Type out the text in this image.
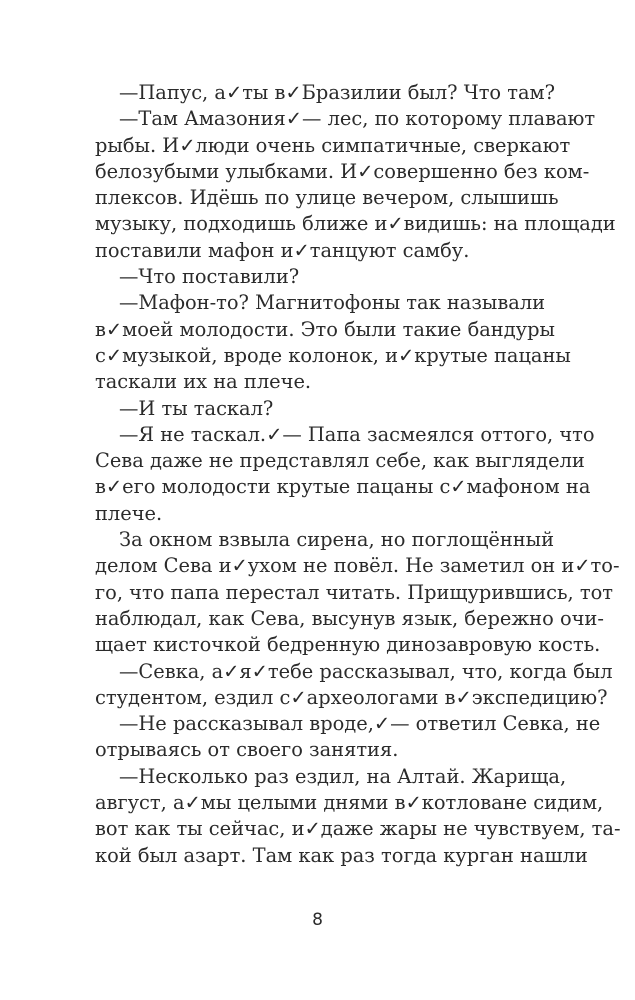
—Папус, а✓ты в✓Бразилии был? Что там?
—Там Амазония✓— лес, по которому плавают
рыбы. И✓люди очень симпатичные, сверкают
белозубыми улыбками. И✓совершенно без ком-
плексов. Идёшь по улице вечером, слышишь
музыку, подходишь ближе и✓видишь: на площади
поставили мафон и✓танцуют самбу.
—Что поставили?
—Мафон-то? Магнитофоны так называли
в✓моей молодости. Это были такие бандуры
с✓музыкой, вроде колонок, и✓крутые пацаны
таскали их на плече.
—И ты таскал?
—Я не таскал.✓— Папа засмеялся оттого, что
Сева даже не представлял себе, как выглядели
в✓его молодости крутые пацаны с✓мафоном на
плече.
За окном взвыла сирена, но поглощённый
делом Сева и✓ухом не повёл. Не заметил он и✓то-
го, что папа перестал читать. Прищурившись, тот
наблюдал, как Сева, высунув язык, бережно очи-
щает кисточкой бедренную динозавровую кость.
—Севка, а✓я✓тебе рассказывал, что, когда был
студентом, ездил с✓археологами в✓экспедицию?
—Не рассказывал вроде,✓— ответил Севка, не
отрываясь от своего занятия.
—Несколько раз ездил, на Алтай. Жарища,
август, а✓мы целыми днями в✓котловане сидим,
вот как ты сейчас, и✓даже жары не чувствуем, та-
кой был азарт. Там как раз тогда курган нашли
8
